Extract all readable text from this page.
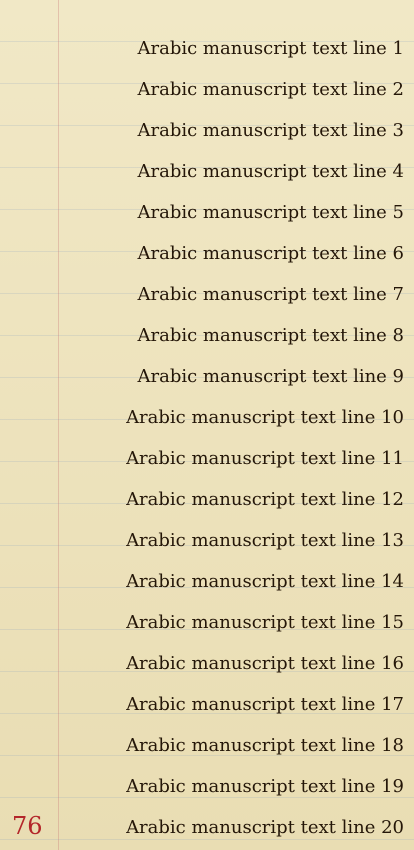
Arabic manuscript text line 1
Arabic manuscript text line 2
Arabic manuscript text line 3
Arabic manuscript text line 4
Arabic manuscript text line 5
Arabic manuscript text line 6
Arabic manuscript text line 7
Arabic manuscript text line 8
Arabic manuscript text line 9
Arabic manuscript text line 10
Arabic manuscript text line 11
Arabic manuscript text line 12
Arabic manuscript text line 13
Arabic manuscript text line 14
Arabic manuscript text line 15
Arabic manuscript text line 16
Arabic manuscript text line 17
Arabic manuscript text line 18
Arabic manuscript text line 19
Arabic manuscript text line 20
76
